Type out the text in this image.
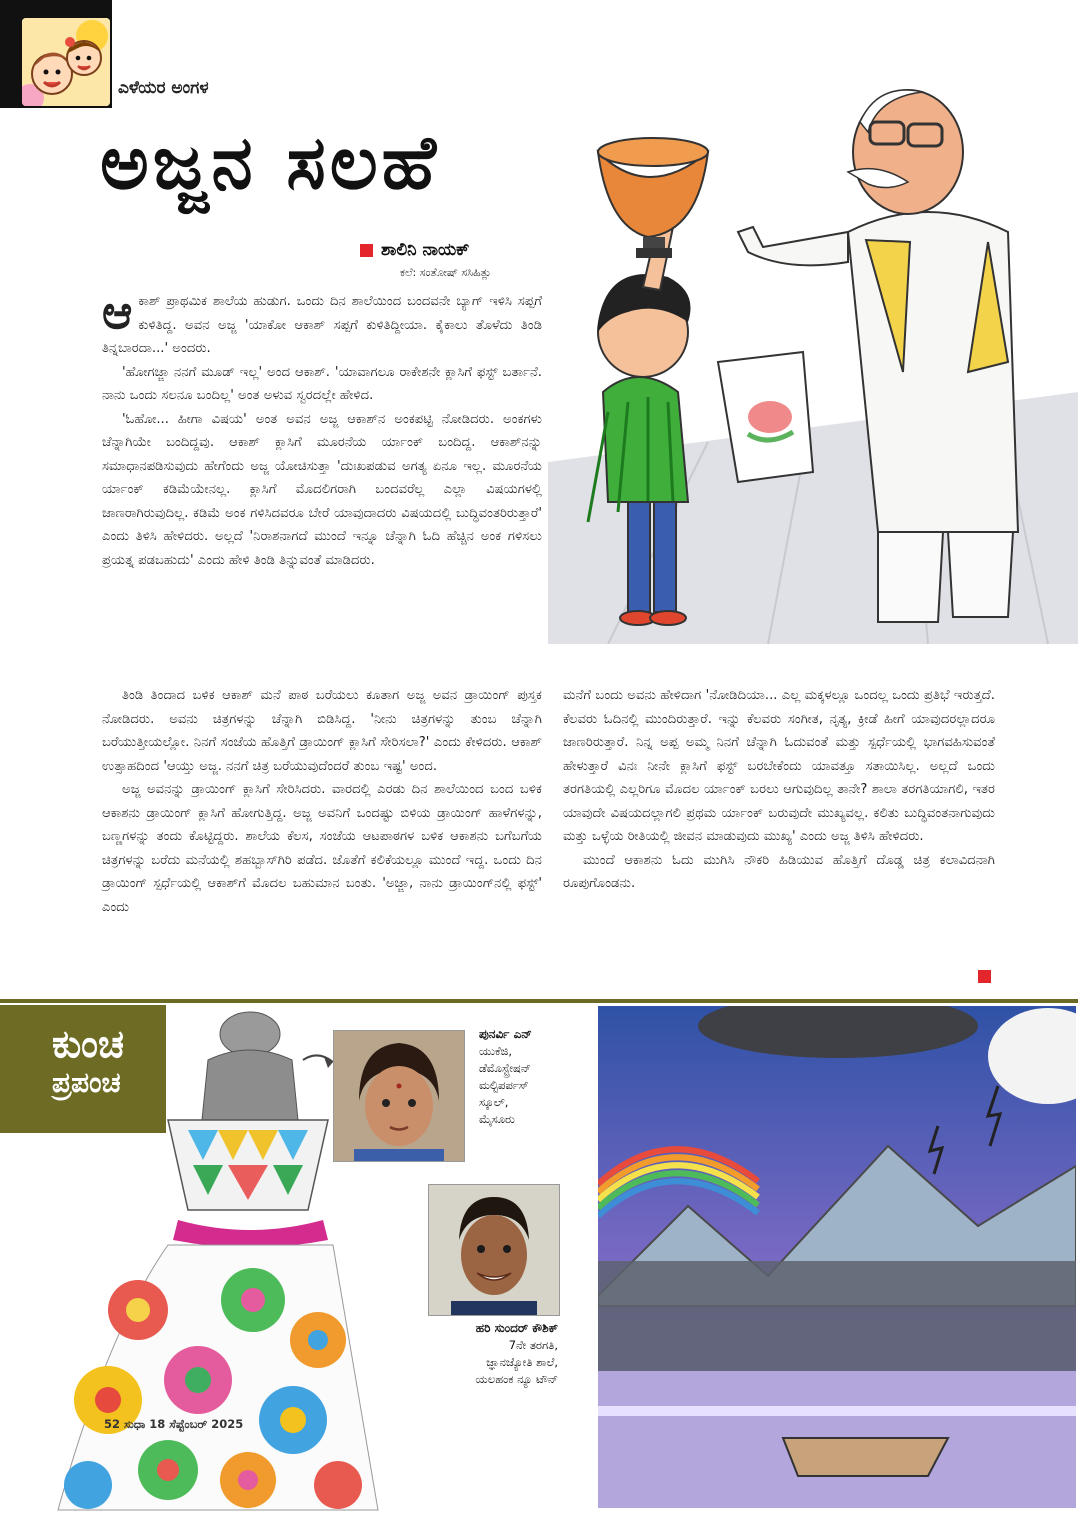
ಎಳೆಯರ ಅಂಗಳ
ಅಜ್ಜನ ಸಲಹೆ
ಶಾಲಿನಿ ನಾಯಕ್
ಕಲೆ: ಸಂತೋಷ್ ಸಸಿಹಿತ್ಲು

ಆಕಾಶ್ ಪ್ರಾಥಮಿಕ ಶಾಲೆಯ ಹುಡುಗ. ಒಂದು ದಿನ ಶಾಲೆಯಿಂದ ಬಂದವನೇ ಬ್ಯಾಗ್ ಇಳಿಸಿ ಸಪ್ಪಗೆ ಕುಳಿತಿದ್ದ. ಅವನ ಅಜ್ಜ 'ಯಾಕೋ ಆಕಾಶ್ ಸಪ್ಪಗೆ ಕುಳಿತಿದ್ದೀಯಾ. ಕೈಕಾಲು ತೊಳೆದು ತಿಂಡಿ ತಿನ್ನಬಾರದಾ...' ಅಂದರು.

'ಹೋಗಜ್ಜಾ ನನಗೆ ಮೂಡ್ ಇಲ್ಲ' ಅಂದ ಆಕಾಶ್. 'ಯಾವಾಗಲೂ ರಾಕೇಶನೇ ಕ್ಲಾಸಿಗೆ ಫಸ್ಟ್ ಬರ್ತಾನೆ. ನಾನು ಒಂದು ಸಲನೂ ಬಂದಿಲ್ಲ' ಅಂತ ಅಳುವ ಸ್ವರದಲ್ಲೇ ಹೇಳಿದ.

'ಓಹೋ... ಹೀಗಾ ವಿಷಯ' ಅಂತ ಅವನ ಅಜ್ಜ ಆಕಾಶ್‌ನ ಅಂಕಪಟ್ಟಿ ನೋಡಿದರು. ಅಂಕಗಳು ಚೆನ್ನಾಗಿಯೇ ಬಂದಿದ್ದವು. ಆಕಾಶ್ ಕ್ಲಾಸಿಗೆ ಮೂರನೆಯ ರ್ಯಾಂಕ್ ಬಂದಿದ್ದ. ಆಕಾಶ್‌ನನ್ನು ಸಮಾಧಾನಪಡಿಸುವುದು ಹೇಗೆಂದು ಅಜ್ಜ ಯೋಚಿಸುತ್ತಾ 'ದುಃಖಪಡುವ ಅಗತ್ಯ ಏನೂ ಇಲ್ಲ. ಮೂರನೆಯ ರ್ಯಾಂಕ್ ಕಡಿಮೆಯೇನಲ್ಲ. ಕ್ಲಾಸಿಗೆ ಮೊದಲಿಗರಾಗಿ ಬಂದವರೆಲ್ಲ ಎಲ್ಲಾ ವಿಷಯಗಳಲ್ಲಿ ಜಾಣರಾಗಿರುವುದಿಲ್ಲ. ಕಡಿಮೆ ಅಂಕ ಗಳಿಸಿದವರೂ ಬೇರೆ ಯಾವುದಾದರು ವಿಷಯದಲ್ಲಿ ಬುದ್ಧಿವಂತರಿರುತ್ತಾರೆ' ಎಂದು ತಿಳಿಸಿ ಹೇಳಿದರು. ಅಲ್ಲದೆ 'ನಿರಾಶನಾಗದೆ ಮುಂದೆ ಇನ್ನೂ ಚೆನ್ನಾಗಿ ಓದಿ ಹೆಚ್ಚಿನ ಅಂಕ ಗಳಿಸಲು ಪ್ರಯತ್ನ ಪಡಬಹುದು' ಎಂದು ಹೇಳಿ ತಿಂಡಿ ತಿನ್ನುವಂತೆ ಮಾಡಿದರು.

ತಿಂಡಿ ತಿಂದಾದ ಬಳಿಕ ಆಕಾಶ್ ಮನೆ ಪಾಠ ಬರೆಯಲು ಕೂತಾಗ ಅಜ್ಜ ಅವನ ಡ್ರಾಯಿಂಗ್ ಪುಸ್ತಕ ನೋಡಿದರು. ಅವನು ಚಿತ್ರಗಳನ್ನು ಚೆನ್ನಾಗಿ ಬಿಡಿಸಿದ್ದ. 'ನೀನು ಚಿತ್ರಗಳನ್ನು ತುಂಬ ಚೆನ್ನಾಗಿ ಬರೆಯುತ್ತೀಯಲ್ಲೋ. ನಿನಗೆ ಸಂಜೆಯ ಹೊತ್ತಿಗೆ ಡ್ರಾಯಿಂಗ್ ಕ್ಲಾಸಿಗೆ ಸೇರಿಸಲಾ?' ಎಂದು ಕೇಳಿದರು. ಆಕಾಶ್ ಉತ್ಸಾಹದಿಂದ 'ಆಯ್ತು ಅಜ್ಜ. ನನಗೆ ಚಿತ್ರ ಬರೆಯುವುದೆಂದರೆ ತುಂಬ ಇಷ್ಟ' ಅಂದ.

ಅಜ್ಜ ಅವನನ್ನು ಡ್ರಾಯಿಂಗ್ ಕ್ಲಾಸಿಗೆ ಸೇರಿಸಿದರು. ವಾರದಲ್ಲಿ ಎರಡು ದಿನ ಶಾಲೆಯಿಂದ ಬಂದ ಬಳಿಕ ಆಕಾಶನು ಡ್ರಾಯಿಂಗ್ ಕ್ಲಾಸಿಗೆ ಹೋಗುತ್ತಿದ್ದ. ಅಜ್ಜ ಅವನಿಗೆ ಒಂದಷ್ಟು ಬಿಳಿಯ ಡ್ರಾಯಿಂಗ್ ಹಾಳೆಗಳನ್ನು, ಬಣ್ಣಗಳನ್ನು ತಂದು ಕೊಟ್ಟಿದ್ದರು. ಶಾಲೆಯ ಕೆಲಸ, ಸಂಜೆಯ ಆಟಪಾಠಗಳ ಬಳಿಕ ಆಕಾಶನು ಬಗೆಬಗೆಯ ಚಿತ್ರಗಳನ್ನು ಬರೆದು ಮನೆಯಲ್ಲಿ ಶಹಬ್ಬಾಸ್‌ಗಿರಿ ಪಡೆದ. ಜೊತೆಗೆ ಕಲಿಕೆಯಲ್ಲೂ ಮುಂದೆ ಇದ್ದ. ಒಂದು ದಿನ ಡ್ರಾಯಿಂಗ್ ಸ್ಪರ್ಧೆಯಲ್ಲಿ ಆಕಾಶ್‌ಗೆ ಮೊದಲ ಬಹುಮಾನ ಬಂತು. 'ಅಜ್ಜಾ, ನಾನು ಡ್ರಾಯಿಂಗ್‌ನಲ್ಲಿ ಫಸ್ಟ್' ಎಂದು

ಮನೆಗೆ ಬಂದು ಅವನು ಹೇಳಿದಾಗ 'ನೋಡಿದಿಯಾ... ಎಲ್ಲ ಮಕ್ಕಳಲ್ಲೂ ಒಂದಲ್ಲ ಒಂದು ಪ್ರತಿಭೆ ಇರುತ್ತದೆ. ಕೆಲವರು ಓದಿನಲ್ಲಿ ಮುಂದಿರುತ್ತಾರೆ. ಇನ್ನು ಕೆಲವರು ಸಂಗೀತ, ನೃತ್ಯ, ಕ್ರೀಡೆ ಹೀಗೆ ಯಾವುದರಲ್ಲಾದರೂ ಜಾಣರಿರುತ್ತಾರೆ. ನಿನ್ನ ಅಪ್ಪ ಅಮ್ಮ ನಿನಗೆ ಚೆನ್ನಾಗಿ ಓದುವಂತೆ ಮತ್ತು ಸ್ಪರ್ಧೆಯಲ್ಲಿ ಭಾಗವಹಿಸುವಂತೆ ಹೇಳುತ್ತಾರೆ ವಿನಃ ನೀನೇ ಕ್ಲಾಸಿಗೆ ಫಸ್ಟ್ ಬರಬೇಕೆಂದು ಯಾವತ್ತೂ ಸತಾಯಿಸಿಲ್ಲ. ಅಲ್ಲದೆ ಒಂದು ತರಗತಿಯಲ್ಲಿ ಎಲ್ಲರಿಗೂ ಮೊದಲ ರ್ಯಾಂಕ್ ಬರಲು ಆಗುವುದಿಲ್ಲ ತಾನೇ? ಶಾಲಾ ತರಗತಿಯಾಗಲಿ, ಇತರ ಯಾವುದೇ ವಿಷಯದಲ್ಲಾಗಲಿ ಪ್ರಥಮ ರ್ಯಾಂಕ್ ಬರುವುದೇ ಮುಖ್ಯವಲ್ಲ. ಕಲಿತು ಬುದ್ಧಿವಂತನಾಗುವುದು ಮತ್ತು ಒಳ್ಳೆಯ ರೀತಿಯಲ್ಲಿ ಜೀವನ ಮಾಡುವುದು ಮುಖ್ಯ' ಎಂದು ಅಜ್ಜ ತಿಳಿಸಿ ಹೇಳಿದರು.

ಮುಂದೆ ಆಕಾಶನು ಓದು ಮುಗಿಸಿ ನೌಕರಿ ಹಿಡಿಯುವ ಹೊತ್ತಿಗೆ ದೊಡ್ಡ ಚಿತ್ರ ಕಲಾವಿದನಾಗಿ ರೂಪುಗೊಂಡನು.

ಕುಂಚ
ಪ್ರಪಂಚ
ಪುನರ್ವಿ ಎನ್
ಯುಕೆಜಿ,
ಡೆಮೊಸ್ಟ್ರೇಷನ್
ಮಲ್ಟಿಪರ್ಪಸ್
ಸ್ಕೂಲ್,
ಮೈಸೂರು
ಹರಿ ಸುಂದರ್ ಕೌಶಿಕ್
7ನೇ ತರಗತಿ,
ಜ್ಞಾನಜ್ಯೋತಿ ಶಾಲೆ,
ಯಲಹಂಕ ನ್ಯೂ ಟೌನ್
52 ಸುಧಾ 18 ಸೆಪ್ಟೆಂಬರ್ 2025
